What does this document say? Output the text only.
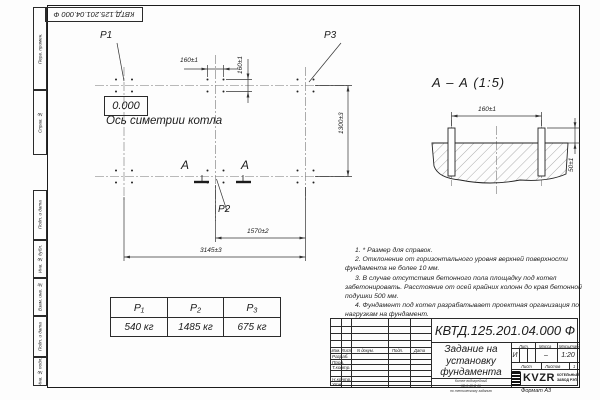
КВТД.125.201.04.000 Ф
Перв. примен.
Справ. №
Подп. и дата
Инв. № дубл.
Взам. инв. №
Подп. и дата
Инв. № подл.
P1	P3
P2
0.000
Ось симетрии котла
А	А
160±1	160±1
1300±3
1570±2
3145±3
А – А (1:5)
160±1
50±1
P₁	P₂	P₃
540 кг	1485 кг	675 кг

1. * Размер для справок.

2. Отклонение от горизонтального уровня верхней поверхности фундамента не более 10 мм.

3. В случае отсутствия бетонного пола площадку под котел забетонировать. Расстояние от осей крайних колонн до края бетонной подушки 500 мм.

4. Фундамент под котел разрабатывает проектная организация по нагрузкам на фундамент.

Изм. Лист N докум.	Подп.	Дата
Разраб.
Пров.
Т.контр.
Н.контр.
Утв.
КВТД.125.201.04.000 Ф
Задание на
установку
фундамента
Котел водогрейный
КВ-1,45 Д (К)
по техническому заданию
Лит. Масса Масштаб
И	–	1:20
Лист	Листов	1
KVZR КОТЕЛЬНЫЙ
ЗАВОД РЭП
Формат А3
